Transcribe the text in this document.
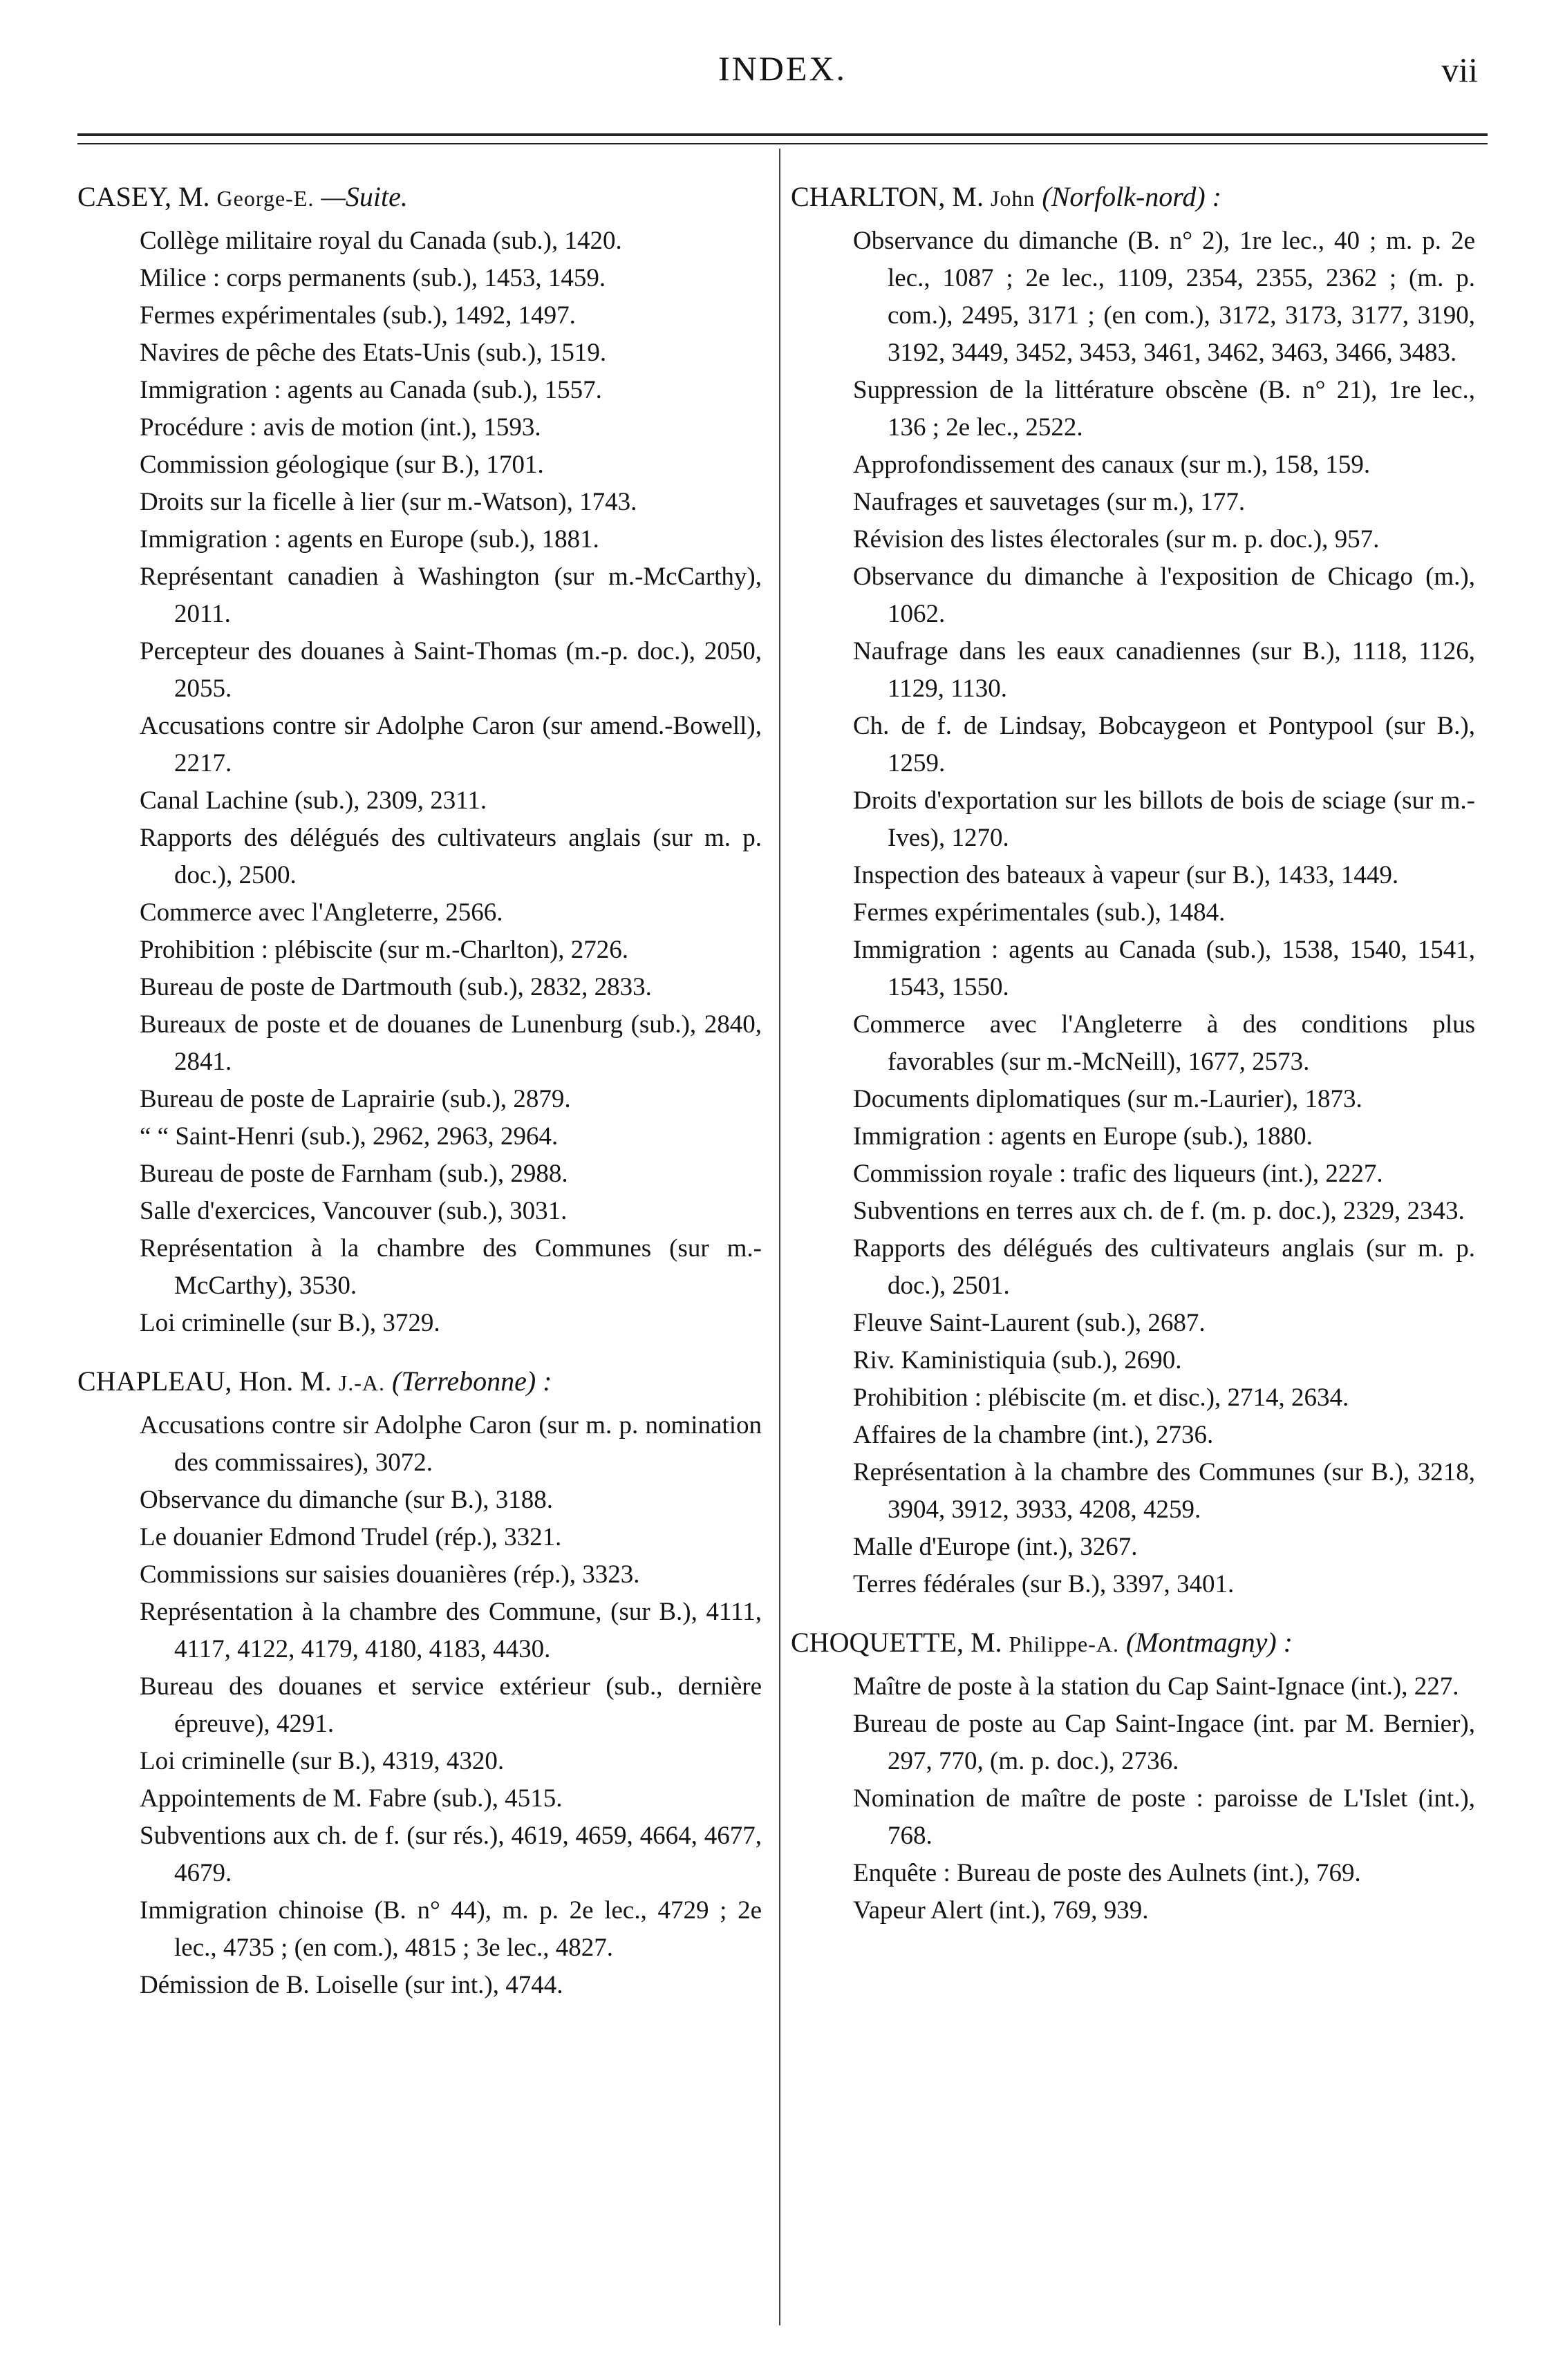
INDEX.	vii
CASEY, M. George-E. —Suite.
Collège militaire royal du Canada (sub.), 1420.
Milice : corps permanents (sub.), 1453, 1459.
Fermes expérimentales (sub.), 1492, 1497.
Navires de pêche des Etats-Unis (sub.), 1519.
Immigration : agents au Canada (sub.), 1557.
Procédure : avis de motion (int.), 1593.
Commission géologique (sur B.), 1701.
Droits sur la ficelle à lier (sur m.-Watson), 1743.
Immigration : agents en Europe (sub.), 1881.
Représentant canadien à Washington (sur m.-McCarthy), 2011.
Percepteur des douanes à Saint-Thomas (m.-p. doc.), 2050, 2055.
Accusations contre sir Adolphe Caron (sur amend.-Bowell), 2217.
Canal Lachine (sub.), 2309, 2311.
Rapports des délégués des cultivateurs anglais (sur m. p. doc.), 2500.
Commerce avec l'Angleterre, 2566.
Prohibition : plébiscite (sur m.-Charlton), 2726.
Bureau de poste de Dartmouth (sub.), 2832, 2833.
Bureaux de poste et de douanes de Lunenburg (sub.), 2840, 2841.
Bureau de poste de Laprairie (sub.), 2879.
“ “ Saint-Henri (sub.), 2962, 2963, 2964.
Bureau de poste de Farnham (sub.), 2988.
Salle d'exercices, Vancouver (sub.), 3031.
Représentation à la chambre des Communes (sur m.-McCarthy), 3530.
Loi criminelle (sur B.), 3729.
CHAPLEAU, Hon. M. J.-A. (Terrebonne) :
Accusations contre sir Adolphe Caron (sur m. p. nomination des commissaires), 3072.
Observance du dimanche (sur B.), 3188.
Le douanier Edmond Trudel (rép.), 3321.
Commissions sur saisies douanières (rép.), 3323.
Représentation à la chambre des Commune, (sur B.), 4111, 4117, 4122, 4179, 4180, 4183, 4430.
Bureau des douanes et service extérieur (sub., dernière épreuve), 4291.
Loi criminelle (sur B.), 4319, 4320.
Appointements de M. Fabre (sub.), 4515.
Subventions aux ch. de f. (sur rés.), 4619, 4659, 4664, 4677, 4679.
Immigration chinoise (B. n° 44), m. p. 2e lec., 4729 ; 2e lec., 4735 ; (en com.), 4815 ; 3e lec., 4827.
Démission de B. Loiselle (sur int.), 4744.
CHARLTON, M. John (Norfolk-nord) :
Observance du dimanche (B. n° 2), 1re lec., 40 ; m. p. 2e lec., 1087 ; 2e lec., 1109, 2354, 2355, 2362 ; (m. p. com.), 2495, 3171 ; (en com.), 3172, 3173, 3177, 3190, 3192, 3449, 3452, 3453, 3461, 3462, 3463, 3466, 3483.
Suppression de la littérature obscène (B. n° 21), 1re lec., 136 ; 2e lec., 2522.
Approfondissement des canaux (sur m.), 158, 159.
Naufrages et sauvetages (sur m.), 177.
Révision des listes électorales (sur m. p. doc.), 957.
Observance du dimanche à l'exposition de Chicago (m.), 1062.
Naufrage dans les eaux canadiennes (sur B.), 1118, 1126, 1129, 1130.
Ch. de f. de Lindsay, Bobcaygeon et Pontypool (sur B.), 1259.
Droits d'exportation sur les billots de bois de sciage (sur m.-Ives), 1270.
Inspection des bateaux à vapeur (sur B.), 1433, 1449.
Fermes expérimentales (sub.), 1484.
Immigration : agents au Canada (sub.), 1538, 1540, 1541, 1543, 1550.
Commerce avec l'Angleterre à des conditions plus favorables (sur m.-McNeill), 1677, 2573.
Documents diplomatiques (sur m.-Laurier), 1873.
Immigration : agents en Europe (sub.), 1880.
Commission royale : trafic des liqueurs (int.), 2227.
Subventions en terres aux ch. de f. (m. p. doc.), 2329, 2343.
Rapports des délégués des cultivateurs anglais (sur m. p. doc.), 2501.
Fleuve Saint-Laurent (sub.), 2687.
Riv. Kaministiquia (sub.), 2690.
Prohibition : plébiscite (m. et disc.), 2714, 2634.
Affaires de la chambre (int.), 2736.
Représentation à la chambre des Communes (sur B.), 3218, 3904, 3912, 3933, 4208, 4259.
Malle d'Europe (int.), 3267.
Terres fédérales (sur B.), 3397, 3401.
CHOQUETTE, M. Philippe-A. (Montmagny) :
Maître de poste à la station du Cap Saint-Ignace (int.), 227.
Bureau de poste au Cap Saint-Ingace (int. par M. Bernier), 297, 770, (m. p. doc.), 2736.
Nomination de maître de poste : paroisse de L'Islet (int.), 768.
Enquête : Bureau de poste des Aulnets (int.), 769.
Vapeur Alert (int.), 769, 939.
